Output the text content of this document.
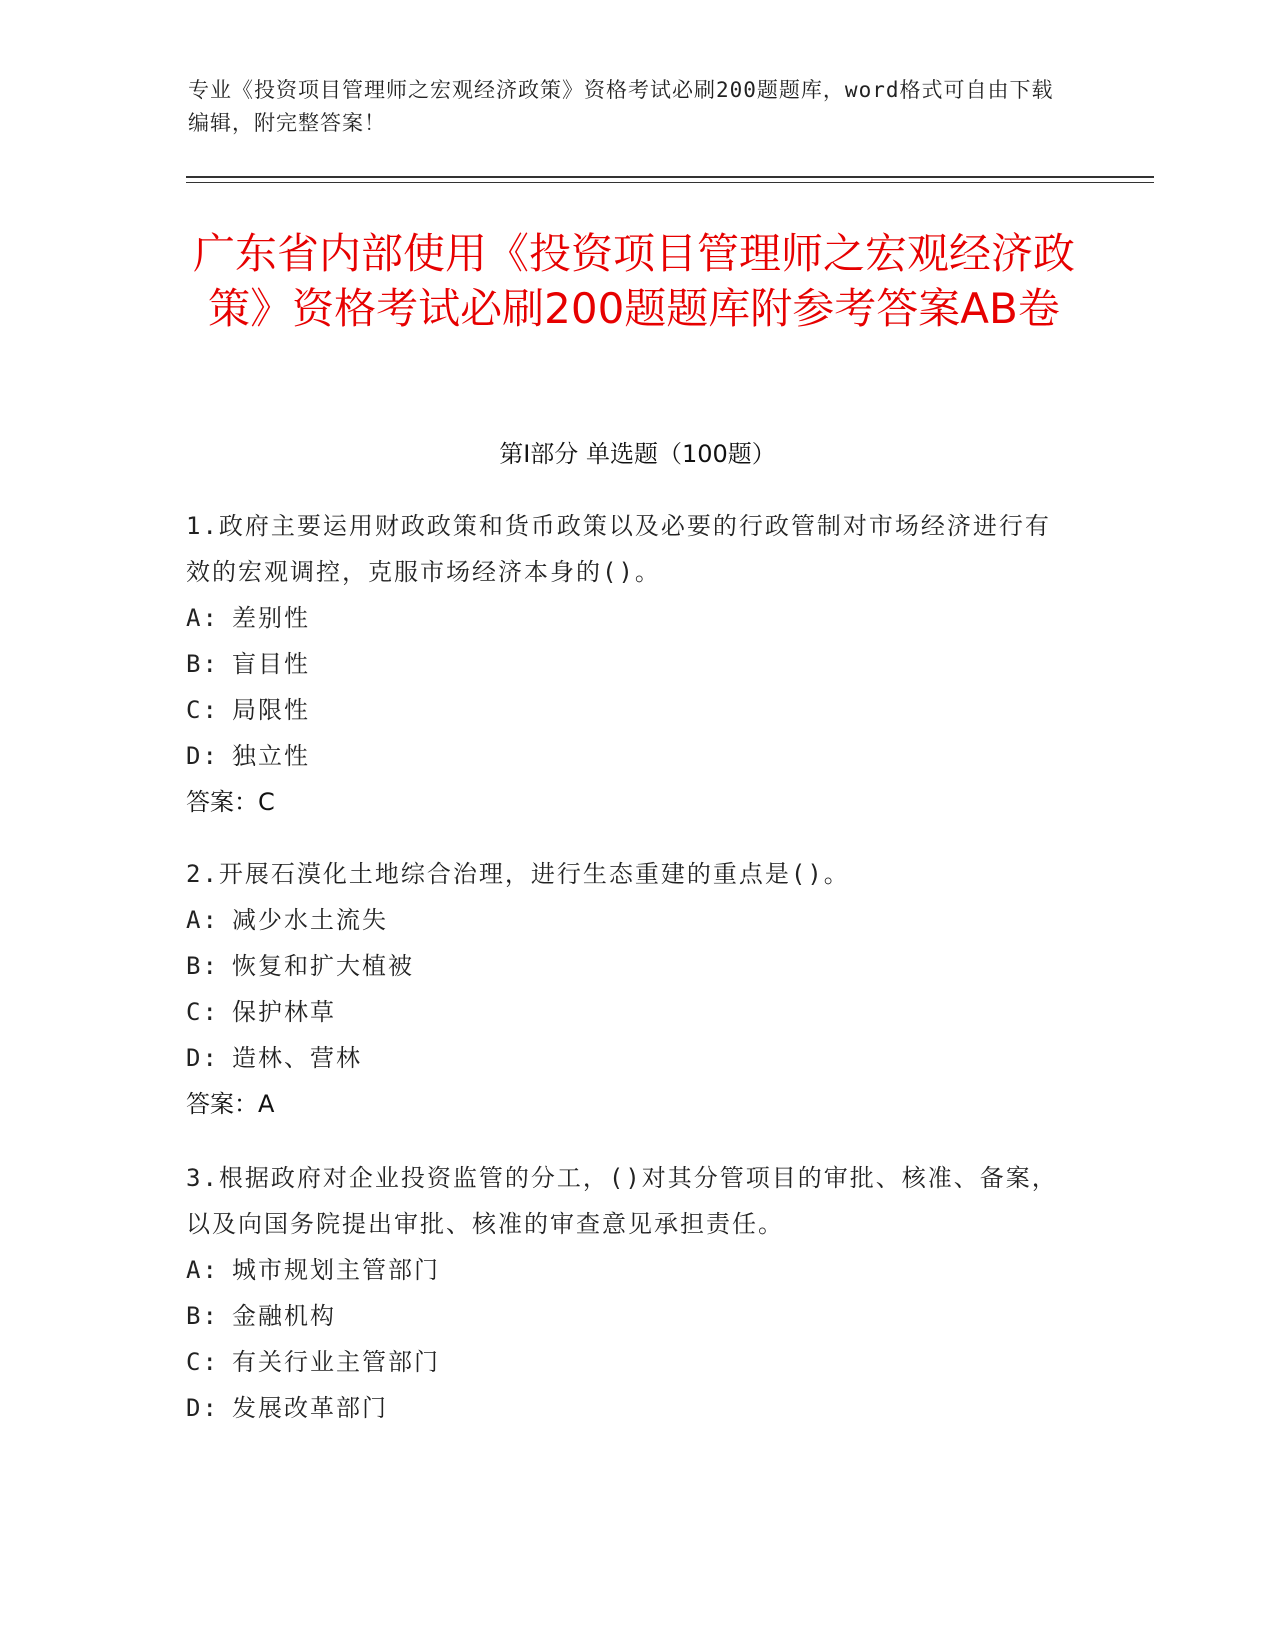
专业《投资项目管理师之宏观经济政策》资格考试必刷200题题库，word格式可自由下载编辑，附完整答案！
广东省内部使用《投资项目管理师之宏观经济政策》资格考试必刷200题题库附参考答案AB卷
第Ⅰ部分 单选题（100题）
1.政府主要运用财政政策和货币政策以及必要的行政管制对市场经济进行有效的宏观调控，克服市场经济本身的()。
A: 差别性
B: 盲目性
C: 局限性
D: 独立性
答案：C
2.开展石漠化土地综合治理，进行生态重建的重点是()。
A: 减少水土流失
B: 恢复和扩大植被
C: 保护林草
D: 造林、营林
答案：A
3.根据政府对企业投资监管的分工，()对其分管项目的审批、核准、备案，以及向国务院提出审批、核准的审查意见承担责任。
A: 城市规划主管部门
B: 金融机构
C: 有关行业主管部门
D: 发展改革部门
